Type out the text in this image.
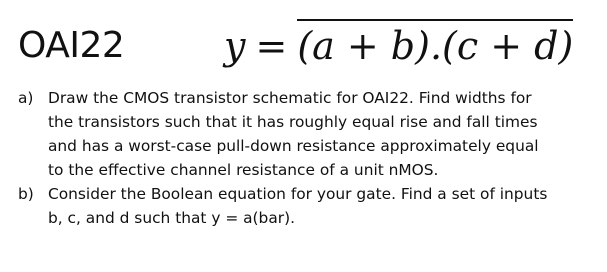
OAI22	y = (a + b).(c + d)
a) Draw the CMOS transistor schematic for OAI22. Find widths for
the transistors such that it has roughly equal rise and fall times
and has a worst-case pull-down resistance approximately equal
to the effective channel resistance of a unit nMOS.
b) Consider the Boolean equation for your gate. Find a set of inputs
b, c, and d such that y = a(bar).
